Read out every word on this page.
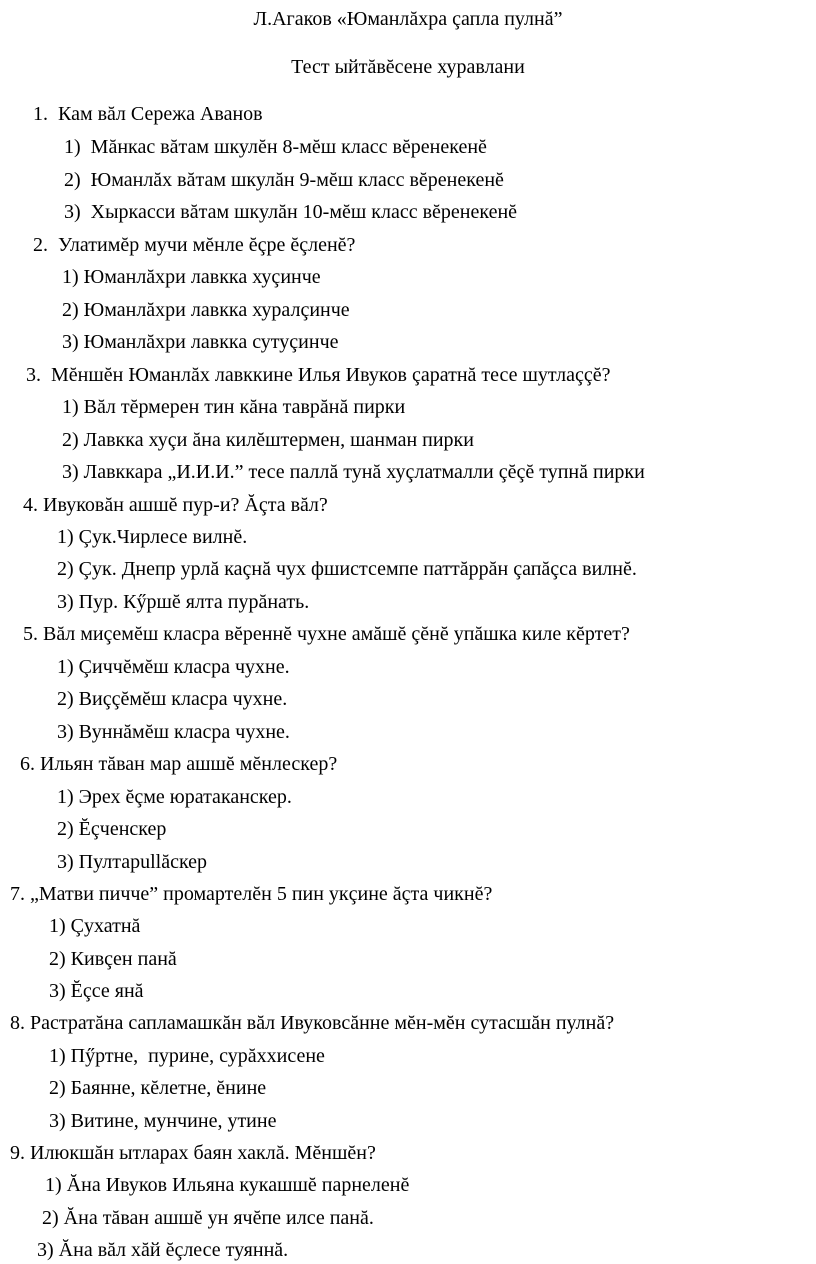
Л.Агаков «Юманлăхра çапла пулнă”
Тест ыйтăвĕсене хуравлани
1. Кам вăл Сережа Аванов
1) Мăнкас вăтам шкулĕн 8-мĕш класс вĕренекенĕ
2) Юманлăх вăтам шкулăн 9-мĕш класс вĕренекенĕ
3) Хыркасси вăтам шкулăн 10-мĕш класс вĕренекенĕ
2. Улатимĕр мучи мĕнле ĕçре ĕçленĕ?
1) Юманлăхри лавкка хуçинче
2) Юманлăхри лавкка хуралçинче
3) Юманлăхри лавкка сутуçинче
3. Мĕншĕн Юманлăх лавккине Илья Ивуков çаратнă тесе шутлаççĕ?
1) Вăл тĕрмерен тин кăна таврăнă пирки
2) Лавкка хуçи ăна килĕштермен, шанман пирки
3) Лавккара „И.И.И.” тесе паллă тунă хуçлатмалли çĕçĕ тупнă пирки
4. Ивуковăн ашшĕ пур-и? Ăçта вăл?
1) Çук.Чирлесе вилнĕ.
2) Çук. Днепр урлă каçнă чух фшистсемпе паттăррăн çапăçса вилнĕ.
3) Пур. Кӳршĕ ялта пурăнать.
5. Вăл миçемĕш класра вĕреннĕ чухне амăшĕ çĕнĕ упăшка киле кĕртет?
1) Çиччĕмĕш класра чухне.
2) Виççĕмĕш класра чухне.
3) Вуннăмĕш класра чухне.
6. Ильян тăван мар ашшĕ мĕнлескер?
1) Эрех ĕçме юратаканскер.
2) Ĕçченскер
3) Пултарullăскер
7. „Матви пичче” промартелĕн 5 пин укçине ăçта чикнĕ?
1) Çухатнă
2) Кивçен панă
3) Ĕçсе янă
8. Растратăна сапламашкăн вăл Ивуковсăнне мĕн-мĕн сутасшăн пулнă?
1) Пӳртне,  пурине, сурăххисене
2) Баянне, кĕлетне, ĕнине
3) Витине, мунчине, утине
9. Илюкшăн ытларах баян хаклă. Мĕншĕн?
1) Ăна Ивуков Ильяна кукашшĕ парнеленĕ
2) Ăна тăван ашшĕ ун ячĕпе илсе панă.
3) Ăна вăл хăй ĕçлесе туяннă.
